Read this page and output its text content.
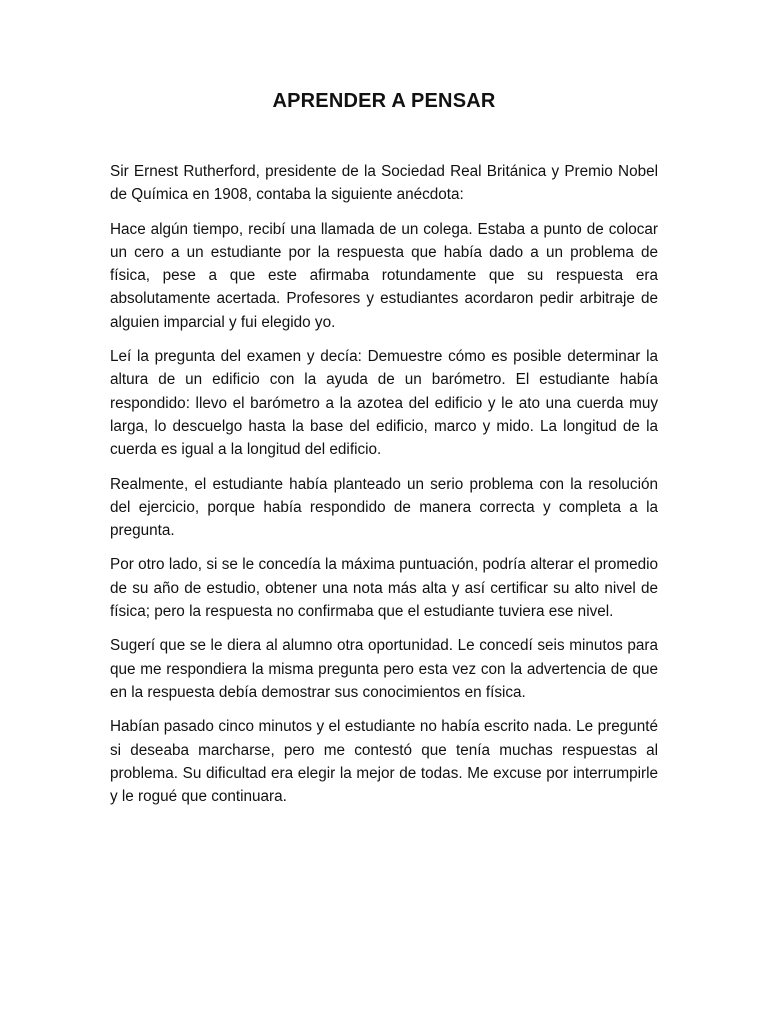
APRENDER A PENSAR

Sir Ernest Rutherford, presidente de la Sociedad Real Británica y Premio Nobel de Química en 1908, contaba la siguiente anécdota:

Hace algún tiempo, recibí una llamada de un colega. Estaba a punto de colocar un cero a un estudiante por la respuesta que había dado a un problema de física, pese a que este afirmaba rotundamente que su respuesta era absolutamente acertada. Profesores y estudiantes acordaron pedir arbitraje de alguien imparcial y fui elegido yo.

Leí la pregunta del examen y decía: Demuestre cómo es posible determinar la altura de un edificio con la ayuda de un barómetro. El estudiante había respondido: llevo el barómetro a la azotea del edificio y le ato una cuerda muy larga, lo descuelgo hasta la base del edificio, marco y mido. La longitud de la cuerda es igual a la longitud del edificio.

Realmente, el estudiante había planteado un serio problema con la resolución del ejercicio, porque había respondido de manera correcta y completa a la pregunta.

Por otro lado, si se le concedía la máxima puntuación, podría alterar el promedio de su año de estudio, obtener una nota más alta y así certificar su alto nivel de física; pero la respuesta no confirmaba que el estudiante tuviera ese nivel.

Sugerí que se le diera al alumno otra oportunidad. Le concedí seis minutos para que me respondiera la misma pregunta pero esta vez con la advertencia de que en la respuesta debía demostrar sus conocimientos en física.

Habían pasado cinco minutos y el estudiante no había escrito nada. Le pregunté si deseaba marcharse, pero me contestó que tenía muchas respuestas al problema. Su dificultad era elegir la mejor de todas. Me excuse por interrumpirle y le rogué que continuara.
